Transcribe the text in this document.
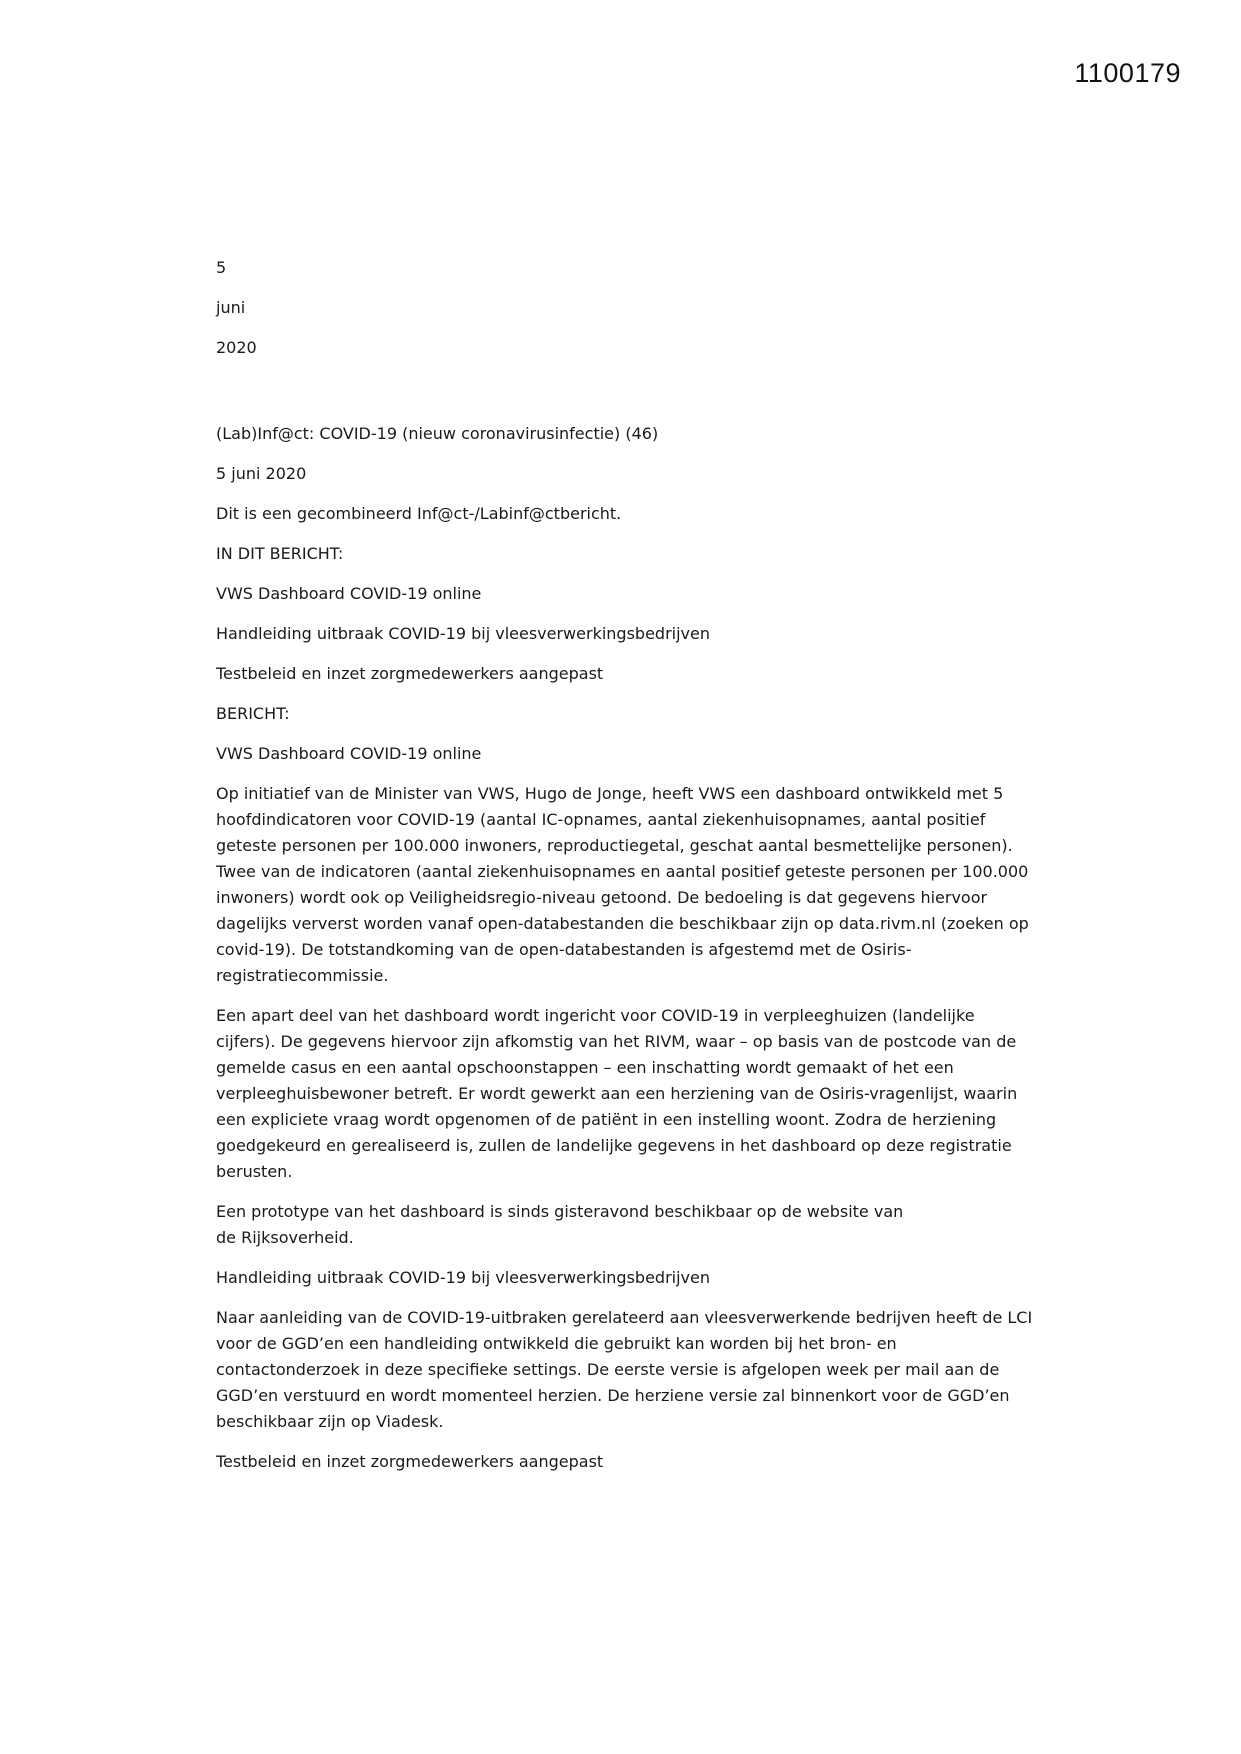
1100179
5
juni
2020
(Lab)Inf@ct: COVID-19 (nieuw coronavirusinfectie) (46)
5 juni 2020
Dit is een gecombineerd Inf@ct-/Labinf@ctbericht.
IN DIT BERICHT:
VWS Dashboard COVID-19 online
Handleiding uitbraak COVID-19 bij vleesverwerkingsbedrijven
Testbeleid en inzet zorgmedewerkers aangepast
BERICHT:
VWS Dashboard COVID-19 online
Op initiatief van de Minister van VWS, Hugo de Jonge, heeft VWS een dashboard ontwikkeld met 5
hoofdindicatoren voor COVID-19 (aantal IC-opnames, aantal ziekenhuisopnames, aantal positief
geteste personen per 100.000 inwoners, reproductiegetal, geschat aantal besmettelijke personen).
Twee van de indicatoren (aantal ziekenhuisopnames en aantal positief geteste personen per 100.000
inwoners) wordt ook op Veiligheidsregio-niveau getoond. De bedoeling is dat gegevens hiervoor
dagelijks ververst worden vanaf open-databestanden die beschikbaar zijn op data.rivm.nl (zoeken op
covid-19). De totstandkoming van de open-databestanden is afgestemd met de Osiris-
registratiecommissie.
Een apart deel van het dashboard wordt ingericht voor COVID-19 in verpleeghuizen (landelijke
cijfers). De gegevens hiervoor zijn afkomstig van het RIVM, waar – op basis van de postcode van de
gemelde casus en een aantal opschoonstappen – een inschatting wordt gemaakt of het een
verpleeghuisbewoner betreft. Er wordt gewerkt aan een herziening van de Osiris-vragenlijst, waarin
een expliciete vraag wordt opgenomen of de patiënt in een instelling woont. Zodra de herziening
goedgekeurd en gerealiseerd is, zullen de landelijke gegevens in het dashboard op deze registratie
berusten.
Een prototype van het dashboard is sinds gisteravond beschikbaar op de website van
de Rijksoverheid.
Handleiding uitbraak COVID-19 bij vleesverwerkingsbedrijven
Naar aanleiding van de COVID-19-uitbraken gerelateerd aan vleesverwerkende bedrijven heeft de LCI
voor de GGD’en een handleiding ontwikkeld die gebruikt kan worden bij het bron- en
contactonderzoek in deze specifieke settings. De eerste versie is afgelopen week per mail aan de
GGD’en verstuurd en wordt momenteel herzien. De herziene versie zal binnenkort voor de GGD’en
beschikbaar zijn op Viadesk.
Testbeleid en inzet zorgmedewerkers aangepast
